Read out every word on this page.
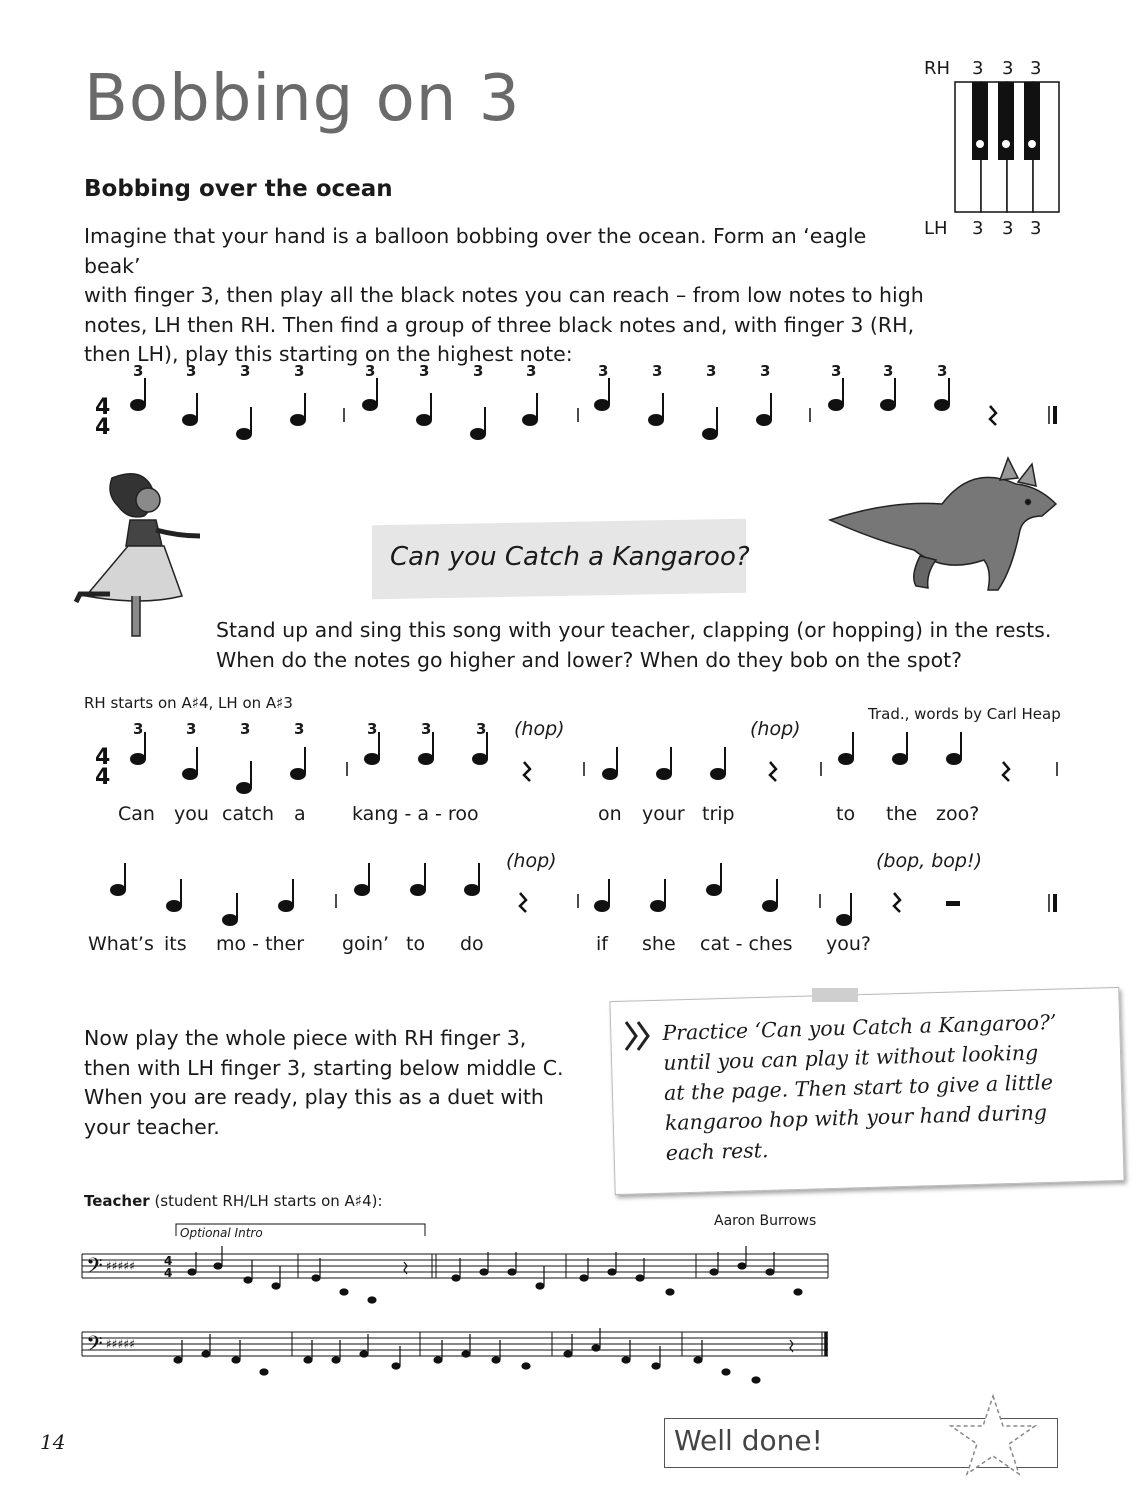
Bobbing on 3	RH 3 3 3
LH 3 3 3
Bobbing over the ocean
Imagine that your hand is a balloon bobbing over the ocean. Form an ‘eagle beak’
with finger 3, then play all the black notes you can reach – from low notes to high
notes, LH then RH. Then find a group of three black notes and, with finger 3 (RH,
then LH), play this starting on the highest note:
4
4
3	3	3	3	3	3	3	3	3	3	3	3	3	3	3
Can you Catch a Kangaroo?
Stand up and sing this song with your teacher, clapping (or hopping) in the rests.
When do the notes go higher and lower? When do they bob on the spot?
RH starts on A♯4, LH on A♯3
Trad., words by Carl Heap
4
4
3	3	3	3	3	3	3 (hop)	(hop)
Can you catch a kang - a - roo	on your trip	to the zoo?
(hop)	(bop, bop!)
What’s its mo - ther goin’ to do	if she cat - ches you?
Now play the whole piece with RH finger 3,
then with LH finger 3, starting below middle C.
When you are ready, play this as a duet with
your teacher.
Practice ‘Can you Catch a Kangaroo?’
until you can play it without looking
at the page. Then start to give a little
kangaroo hop with your hand during
each rest.
Teacher (student RH/LH starts on A♯4):
Aaron Burrows
Optional Intro
𝄢
𝄢
♯♯♯♯♯
♯♯♯♯♯
4
4
14	Well done!
